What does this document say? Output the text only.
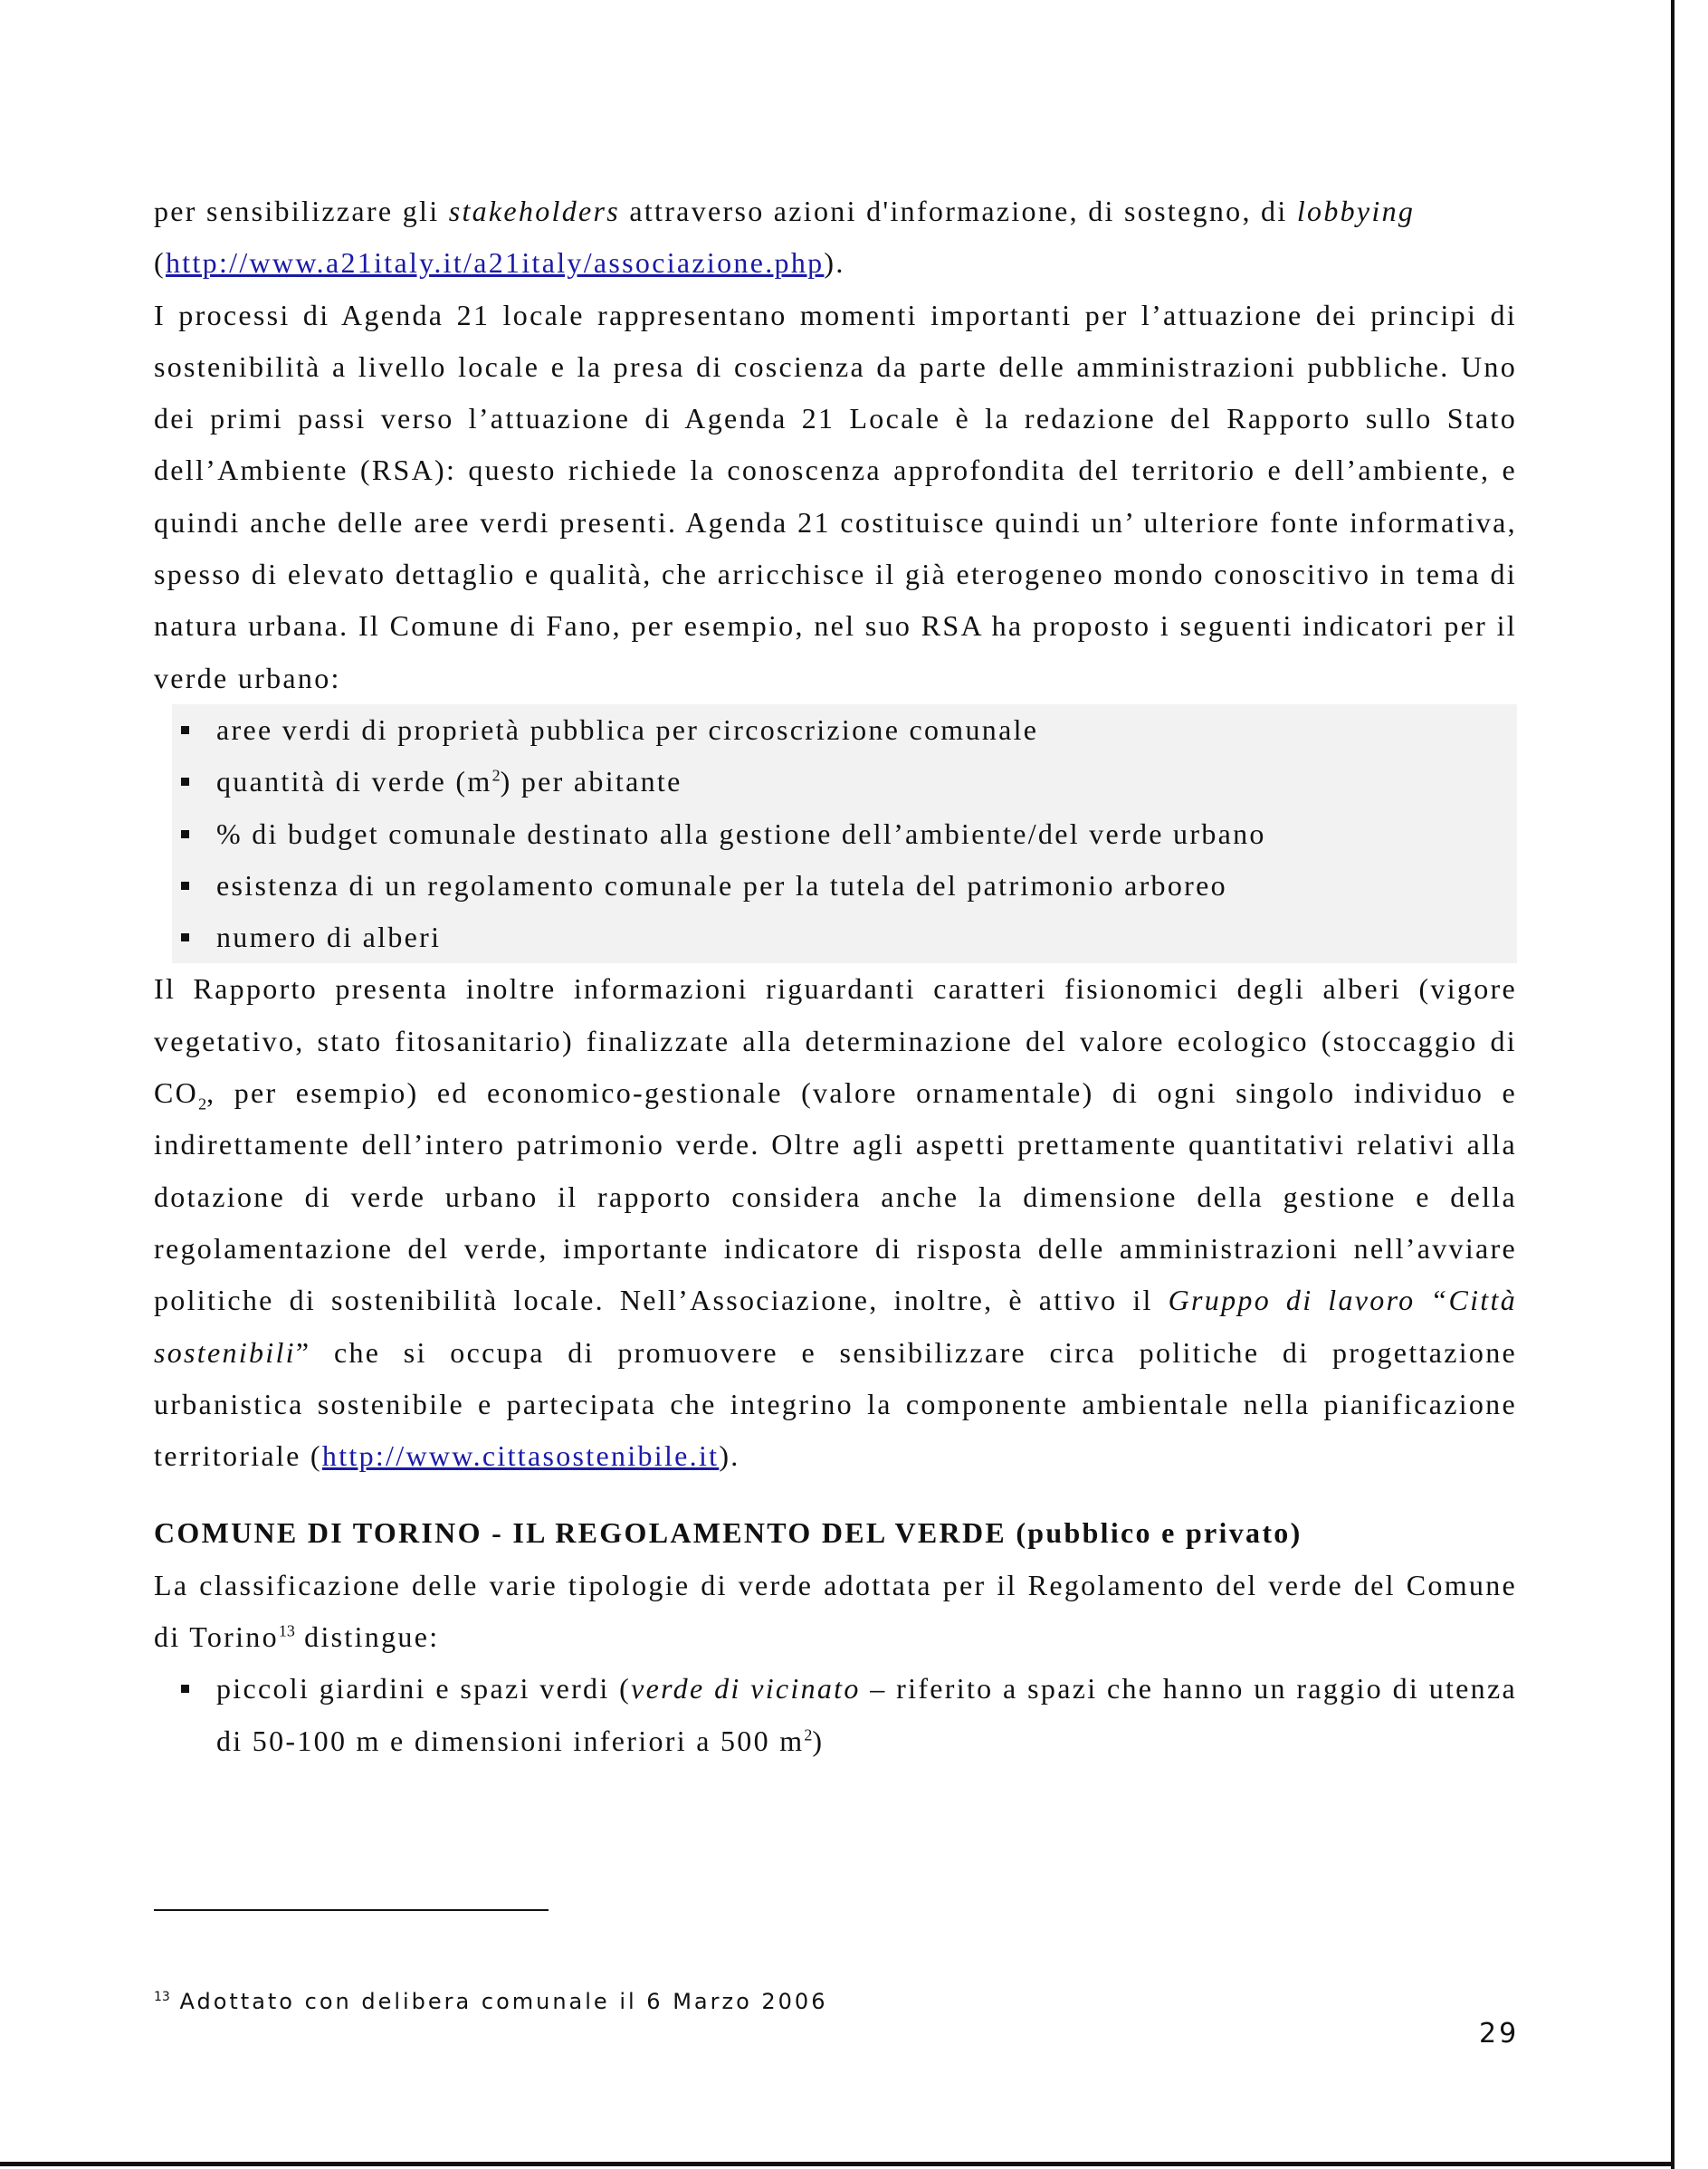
per sensibilizzare gli stakeholders attraverso azioni d'informazione, di sostegno, di lobbying
(http://www.a21italy.it/a21italy/associazione.php).

I processi di Agenda 21 locale rappresentano momenti importanti per l’attuazione dei principi di sostenibilità a livello locale e la presa di coscienza da parte delle amministrazioni pubbliche. Uno dei primi passi verso l’attuazione di Agenda 21 Locale è la redazione del Rapporto sullo Stato dell’Ambiente (RSA): questo richiede la conoscenza approfondita del territorio e dell’ambiente, e quindi anche delle aree verdi presenti. Agenda 21 costituisce quindi un’ ulteriore fonte informativa, spesso di elevato dettaglio e qualità, che arricchisce il già eterogeneo mondo conoscitivo in tema di natura urbana. Il Comune di Fano, per esempio, nel suo RSA ha proposto i seguenti indicatori per il verde urbano:

aree verdi di proprietà pubblica per circoscrizione comunale
quantità di verde $(m^2)$ per abitante
% di budget comunale destinato alla gestione dell’ambiente/del verde urbano
esistenza di un regolamento comunale per la tutela del patrimonio arboreo
numero di alberi

Il Rapporto presenta inoltre informazioni riguardanti caratteri fisionomici degli alberi (vigore vegetativo, stato fitosanitario) finalizzate alla determinazione del valore ecologico (stoccaggio di $CO_2$, per esempio) ed economico-gestionale (valore ornamentale) di ogni singolo individuo e indirettamente dell’intero patrimonio verde. Oltre agli aspetti prettamente quantitativi relativi alla dotazione di verde urbano il rapporto considera anche la dimensione della gestione e della regolamentazione del verde, importante indicatore di risposta delle amministrazioni nell’avviare politiche di sostenibilità locale. Nell’Associazione, inoltre, è attivo il Gruppo di lavoro “Città sostenibili” che si occupa di promuovere e sensibilizzare circa politiche di progettazione urbanistica sostenibile e partecipata che integrino la componente ambientale nella pianificazione territoriale (http://www.cittasostenibile.it).

COMUNE DI TORINO - IL REGOLAMENTO DEL VERDE (pubblico e privato)

La classificazione delle varie tipologie di verde adottata per il Regolamento del verde del Comune di Torino$^{13}$ distingue:

piccoli giardini e spazi verdi (verde di vicinato – riferito a spazi che hanno un raggio di utenza di 50-100 m e dimensioni inferiori a 500 $m^2$)
$^{13}$ Adottato con delibera comunale il 6 Marzo 2006
29
